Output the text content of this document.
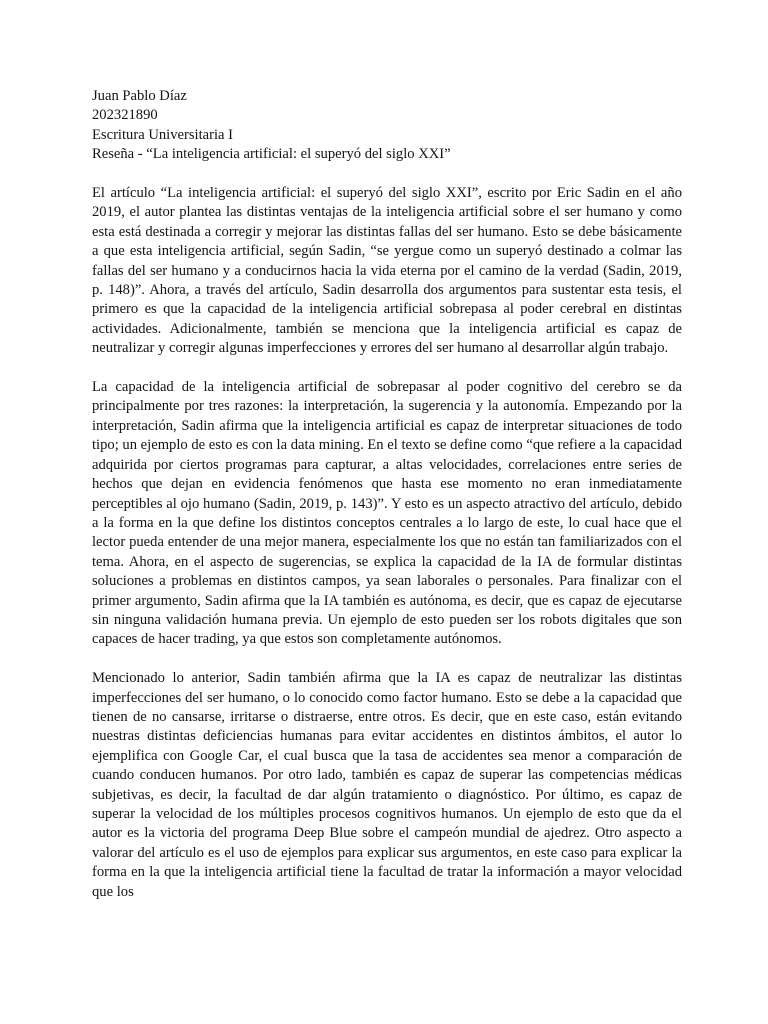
Juan Pablo Díaz
202321890
Escritura Universitaria I
Reseña - “La inteligencia artificial: el superyó del siglo XXI”

El artículo “La inteligencia artificial: el superyó del siglo XXI”, escrito por Eric Sadin en el año 2019, el autor plantea las distintas ventajas de la inteligencia artificial sobre el ser humano y como esta está destinada a corregir y mejorar las distintas fallas del ser humano. Esto se debe básicamente a que esta inteligencia artificial, según Sadin, “se yergue como un superyó destinado a colmar las fallas del ser humano y a conducirnos hacia la vida eterna por el camino de la verdad (Sadin, 2019, p. 148)”. Ahora, a través del artículo, Sadin desarrolla dos argumentos para sustentar esta tesis, el primero es que la capacidad de la inteligencia artificial sobrepasa al poder cerebral en distintas actividades. Adicionalmente, también se menciona que la inteligencia artificial es capaz de neutralizar y corregir algunas imperfecciones y errores del ser humano al desarrollar algún trabajo.

La capacidad de la inteligencia artificial de sobrepasar al poder cognitivo del cerebro se da principalmente por tres razones: la interpretación, la sugerencia y la autonomía. Empezando por la interpretación, Sadin afirma que la inteligencia artificial es capaz de interpretar situaciones de todo tipo; un ejemplo de esto es con la data mining. En el texto se define como “que refiere a la capacidad adquirida por ciertos programas para capturar, a altas velocidades, correlaciones entre series de hechos que dejan en evidencia fenómenos que hasta ese momento no eran inmediatamente perceptibles al ojo humano (Sadin, 2019, p. 143)”. Y esto es un aspecto atractivo del artículo, debido a la forma en la que define los distintos conceptos centrales a lo largo de este, lo cual hace que el lector pueda entender de una mejor manera, especialmente los que no están tan familiarizados con el tema. Ahora, en el aspecto de sugerencias, se explica la capacidad de la IA de formular distintas soluciones a problemas en distintos campos, ya sean laborales o personales. Para finalizar con el primer argumento, Sadin afirma que la IA también es autónoma, es decir, que es capaz de ejecutarse sin ninguna validación humana previa. Un ejemplo de esto pueden ser los robots digitales que son capaces de hacer trading, ya que estos son completamente autónomos.

Mencionado lo anterior, Sadin también afirma que la IA es capaz de neutralizar las distintas imperfecciones del ser humano, o lo conocido como factor humano. Esto se debe a la capacidad que tienen de no cansarse, irritarse o distraerse, entre otros. Es decir, que en este caso, están evitando nuestras distintas deficiencias humanas para evitar accidentes en distintos ámbitos, el autor lo ejemplifica con Google Car, el cual busca que la tasa de accidentes sea menor a comparación de cuando conducen humanos. Por otro lado, también es capaz de superar las competencias médicas subjetivas, es decir, la facultad de dar algún tratamiento o diagnóstico. Por último, es capaz de superar la velocidad de los múltiples procesos cognitivos humanos. Un ejemplo de esto que da el autor es la victoria del programa Deep Blue sobre el campeón mundial de ajedrez. Otro aspecto a valorar del artículo es el uso de ejemplos para explicar sus argumentos, en este caso para explicar la forma en la que la inteligencia artificial tiene la facultad de tratar la información a mayor velocidad que los
